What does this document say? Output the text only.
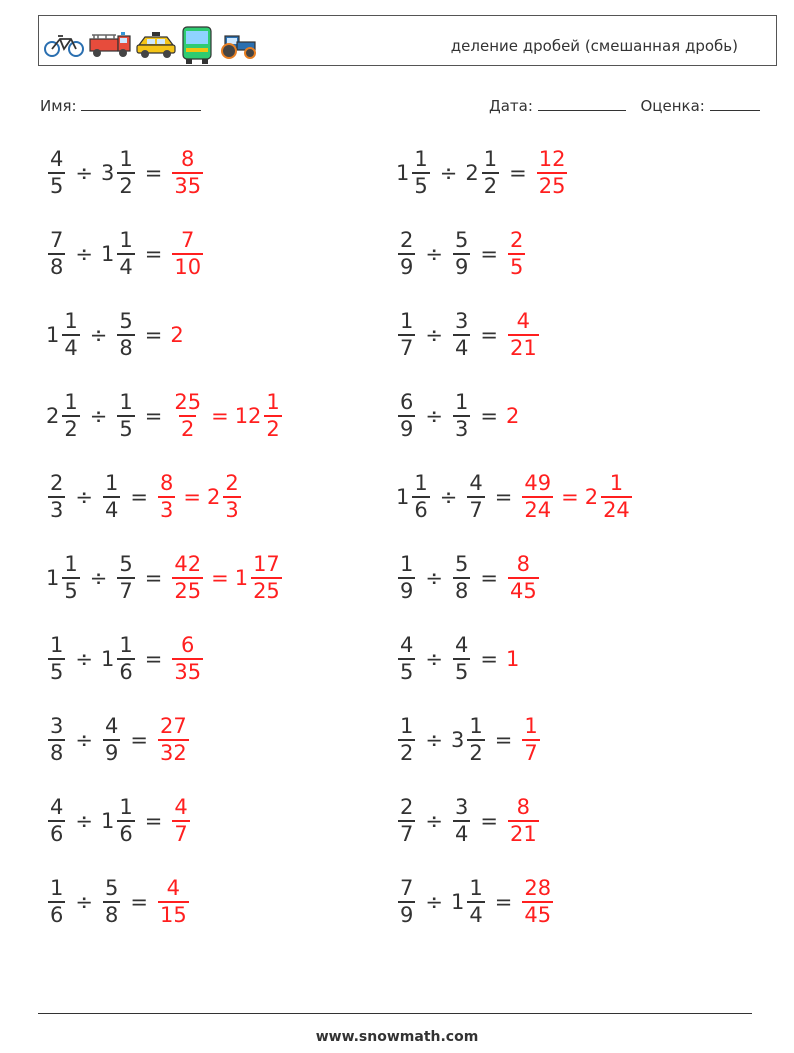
деление дробей (смешанная дробь)
Имя:	Дата:	Оценка:
$\frac{4}{5} \div 3 \frac{1}{2} = \frac{8}{35}$	$1 \frac{1}{5} \div 2 \frac{1}{2} = \frac{12}{25}$
$\frac{7}{8} \div 1 \frac{1}{4} = \frac{7}{10}$	$\frac{2}{9} \div \frac{5}{9} = \frac{2}{5}$
$1 \frac{1}{4} \div \frac{5}{8} = 2$	$\frac{1}{7} \div \frac{3}{4} = \frac{4}{21}$
$2 \frac{1}{2} \div \frac{1}{5} = \frac{25}{2} = 12 \frac{1}{2}$	$\frac{6}{9} \div \frac{1}{3} = 2$
$\frac{2}{3} \div \frac{1}{4} = \frac{8}{3} = 2 \frac{2}{3}$	$1 \frac{1}{6} \div \frac{4}{7} = \frac{49}{24} = 2 \frac{1}{24}$
$1 \frac{1}{5} \div \frac{5}{7} = \frac{42}{25} = 1 \frac{17}{25}$	$\frac{1}{9} \div \frac{5}{8} = \frac{8}{45}$
$\frac{1}{5} \div 1 \frac{1}{6} = \frac{6}{35}$	$\frac{4}{5} \div \frac{4}{5} = 1$
$\frac{3}{8} \div \frac{4}{9} = \frac{27}{32}$	$\frac{1}{2} \div 3 \frac{1}{2} = \frac{1}{7}$
$\frac{4}{6} \div 1 \frac{1}{6} = \frac{4}{7}$	$\frac{2}{7} \div \frac{3}{4} = \frac{8}{21}$
$\frac{1}{6} \div \frac{5}{8} = \frac{4}{15}$	$\frac{7}{9} \div 1 \frac{1}{4} = \frac{28}{45}$
www.snowmath.com
